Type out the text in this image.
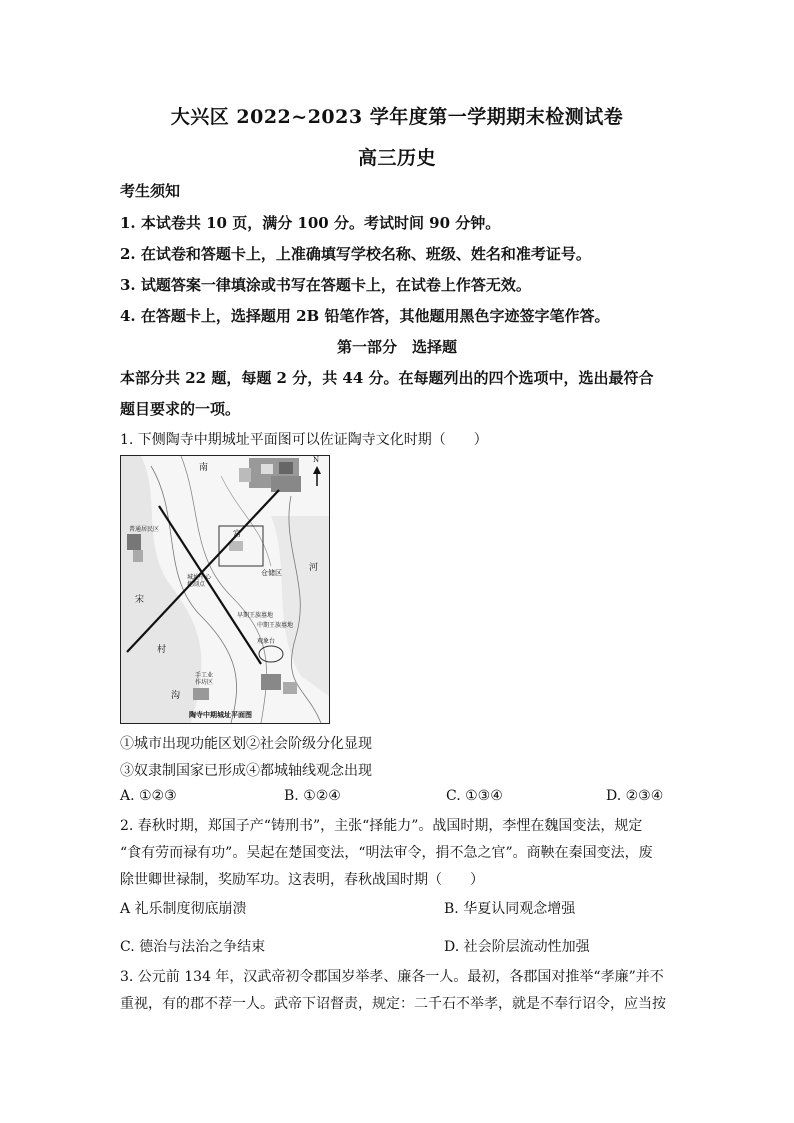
大兴区 2022~2023 学年度第一学期期末检测试卷
高三历史
考生须知
1. 本试卷共 10 页，满分 100 分。考试时间 90 分钟。
2. 在试卷和答题卡上，上准确填写学校名称、班级、姓名和准考证号。
3. 试题答案一律填涂或书写在答题卡上，在试卷上作答无效。
4. 在答题卡上，选择题用 2B 铅笔作答，其他题用黑色字迹签字笔作答。
第一部分　选择题
本部分共 22 题，每题 2 分，共 44 分。在每题列出的四个选项中，选出最符合
题目要求的一项。
1. 下侧陶寺中期城址平面图可以佐证陶寺文化时期（　　）
南
普通居民区	宫
仓储区
城址中心
控制点
河
宋
村
沟
早期王族墓地
中期王族墓地
观象台
手工业
作坊区
N
陶寺中期城址平面图
①城市出现功能区划②社会阶级分化显现
③奴隶制国家已形成④都城轴线观念出现
A. ①②③	B. ①②④	C. ①③④	D. ②③④
2. 春秋时期，郑国子产“铸刑书”，主张“择能力”。战国时期，李悝在魏国变法，规定
“食有劳而禄有功”。吴起在楚国变法，“明法审令，捐不急之官”。商鞅在秦国变法，废
除世卿世禄制，奖励军功。这表明，春秋战国时期（　　）
A 礼乐制度彻底崩溃	B. 华夏认同观念增强
C. 德治与法治之争结束	D. 社会阶层流动性加强
3. 公元前 134 年，汉武帝初令郡国岁举孝、廉各一人。最初，各郡国对推举“孝廉”并不
重视，有的郡不荐一人。武帝下诏督责，规定：二千石不举孝，就是不奉行诏令，应当按
